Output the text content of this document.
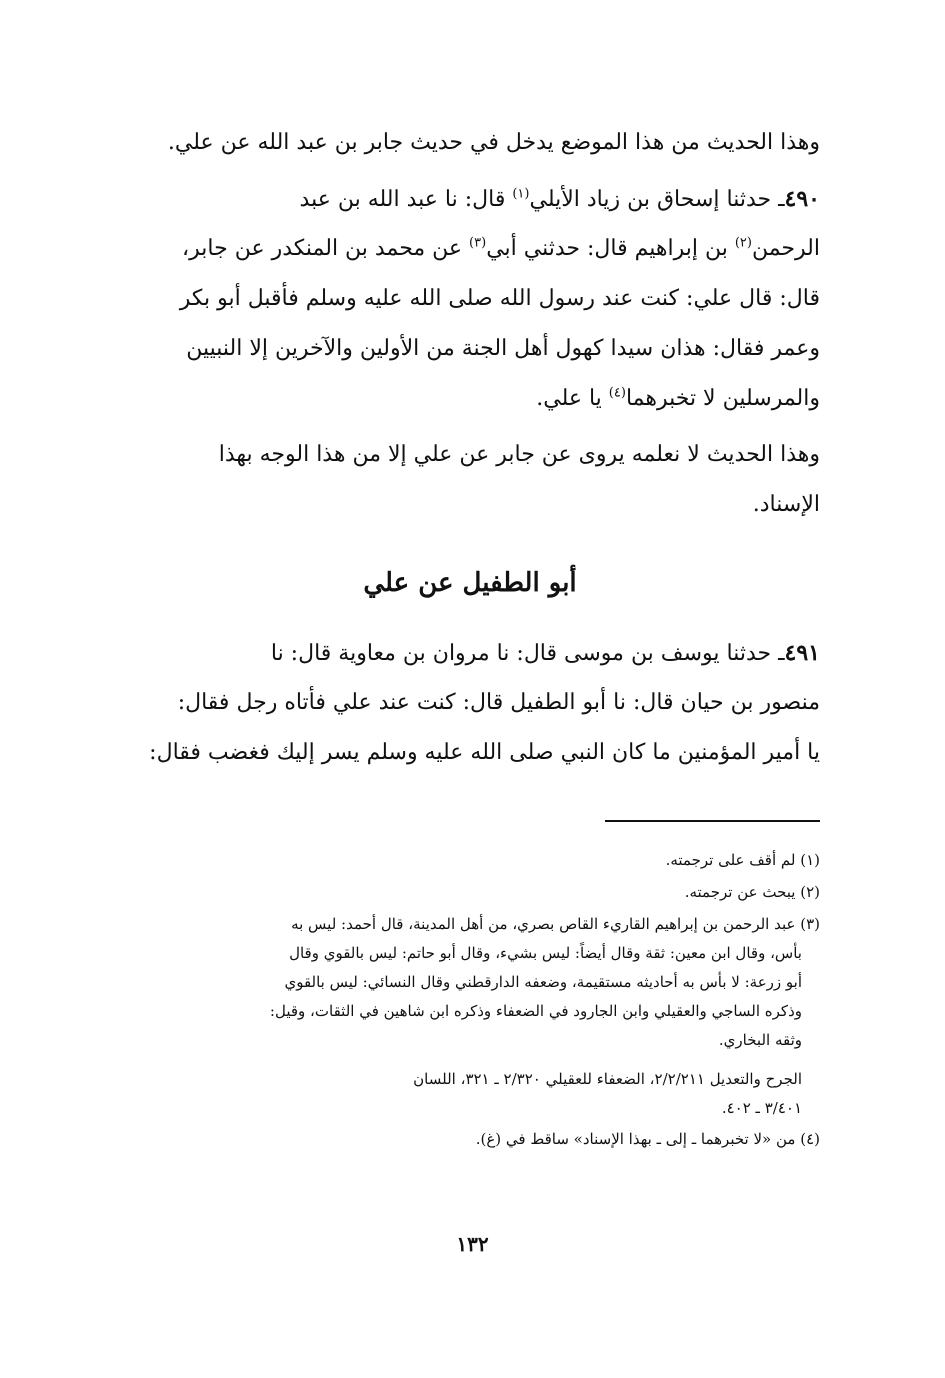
وهذا الحديث من هذا الموضع يدخل في حديث جابر بن عبد الله عن علي.
٤٩٠ـ حدثنا إسحاق بن زياد الأيلي$^{(١)}$ قال: نا عبد الله بن عبد
الرحمن$^{(٢)}$ بن إبراهيم قال: حدثني أبي$^{(٣)}$ عن محمد بن المنكدر عن جابر،
قال: قال علي: كنت عند رسول الله صلى الله عليه وسلم فأقبل أبو بكر
وعمر فقال: هذان سيدا كهول أهل الجنة من الأولين والآخرين إلا النبيين
والمرسلين لا تخبرهما$^{(٤)}$ يا علي.
وهذا الحديث لا نعلمه يروى عن جابر عن علي إلا من هذا الوجه بهذا
الإسناد.
أبو الطفيل عن علي
٤٩١ـ حدثنا يوسف بن موسى قال: نا مروان بن معاوية قال: نا
منصور بن حيان قال: نا أبو الطفيل قال: كنت عند علي فأتاه رجل فقال:
يا أمير المؤمنين ما كان النبي صلى الله عليه وسلم يسر إليك فغضب فقال:
(١) لم أقف على ترجمته.
(٢) يبحث عن ترجمته.
(٣) عبد الرحمن بن إبراهيم القاريء القاص بصري، من أهل المدينة، قال أحمد: ليس به
بأس، وقال ابن معين: ثقة وقال أيضاً: ليس بشيء، وقال أبو حاتم: ليس بالقوي وقال
أبو زرعة: لا بأس به أحاديثه مستقيمة، وضعفه الدارقطني وقال النسائي: ليس بالقوي
وذكره الساجي والعقيلي وابن الجارود في الضعفاء وذكره ابن شاهين في الثقات، وقيل:
وثقه البخاري.
الجرح والتعديل ٢/٢/٢١١، الضعفاء للعقيلي ٢/٣٢٠ ـ ٣٢١، اللسان
٣/٤٠١ ـ ٤٠٢.
(٤) من «لا تخبرهما ـ إلى ـ بهذا الإسناد» ساقط في (غ).
١٣٢
